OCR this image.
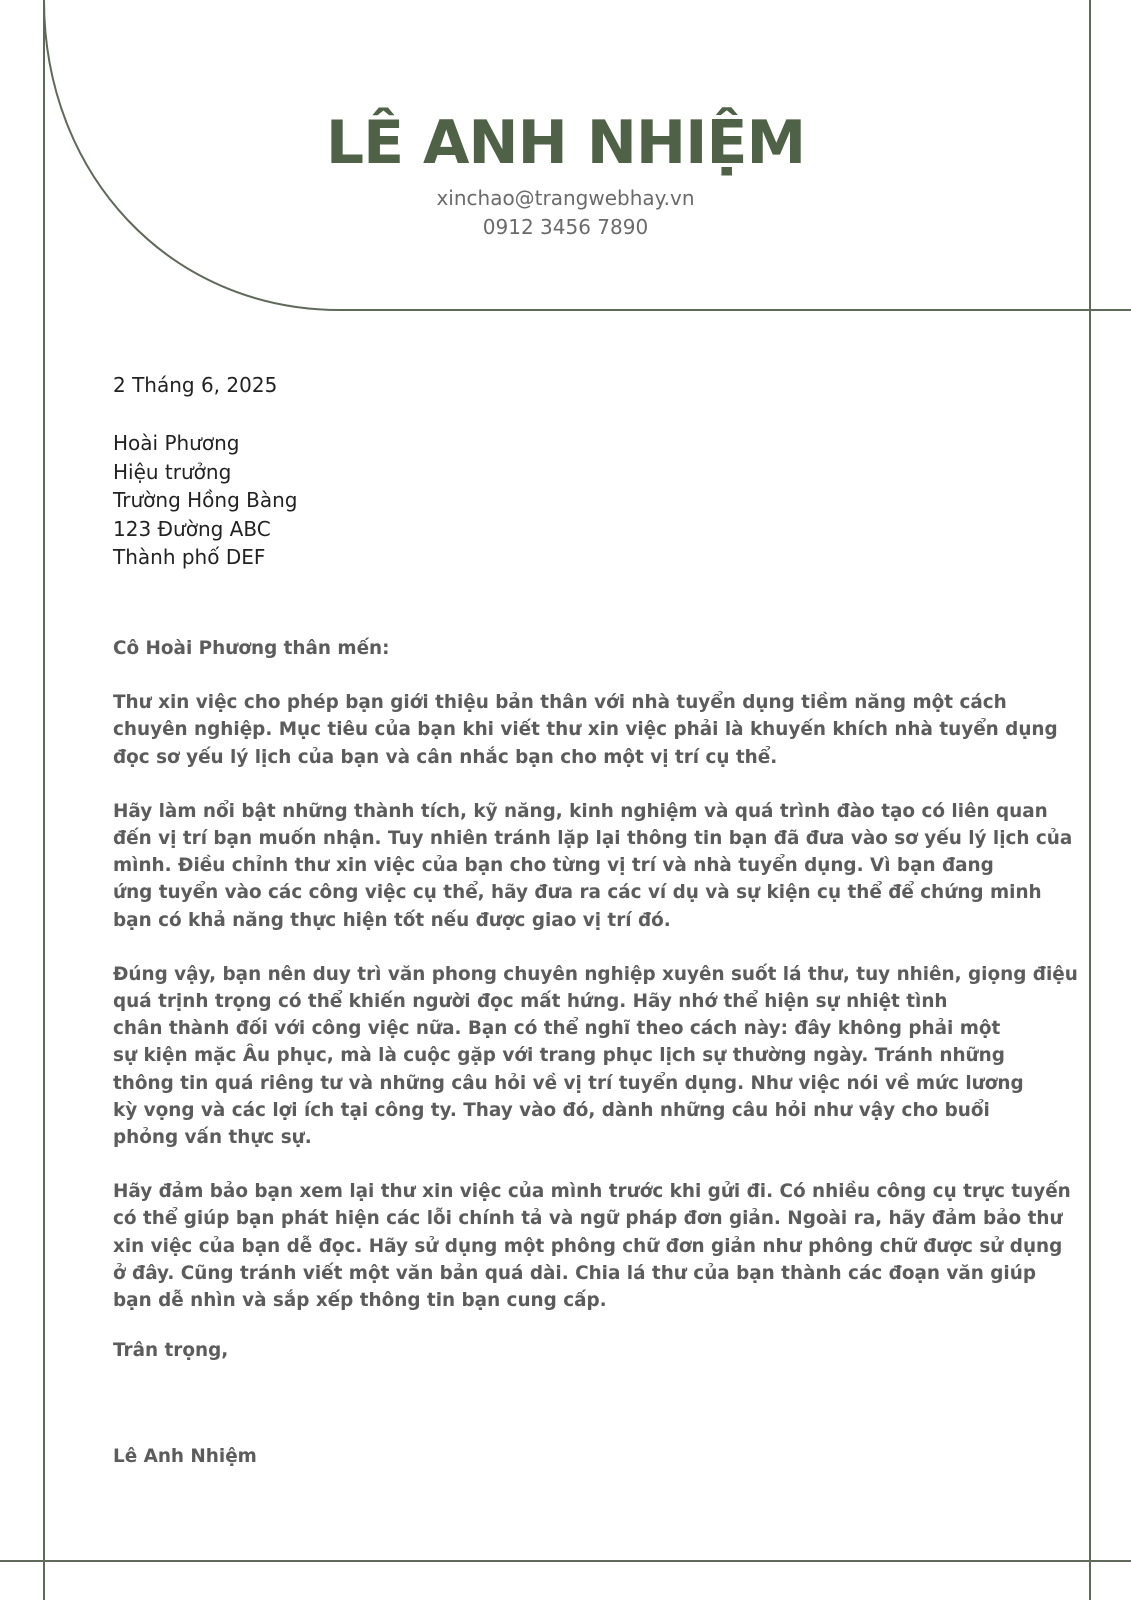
LÊ ANH NHIỆM
xinchao@trangwebhay.vn
0912 3456 7890
2 Tháng 6, 2025
Hoài Phương
Hiệu trưởng
Trường Hồng Bàng
123 Đường ABC
Thành phố DEF

Cô Hoài Phương thân mến:

Thư xin việc cho phép bạn giới thiệu bản thân với nhà tuyển dụng tiềm năng một cách
chuyên nghiệp. Mục tiêu của bạn khi viết thư xin việc phải là khuyến khích nhà tuyển dụng
đọc sơ yếu lý lịch của bạn và cân nhắc bạn cho một vị trí cụ thể.

Hãy làm nổi bật những thành tích, kỹ năng, kinh nghiệm và quá trình đào tạo có liên quan
đến vị trí bạn muốn nhận. Tuy nhiên tránh lặp lại thông tin bạn đã đưa vào sơ yếu lý lịch của
mình. Điều chỉnh thư xin việc của bạn cho từng vị trí và nhà tuyển dụng. Vì bạn đang
ứng tuyển vào các công việc cụ thể, hãy đưa ra các ví dụ và sự kiện cụ thể để chứng minh
bạn có khả năng thực hiện tốt nếu được giao vị trí đó.

Đúng vậy, bạn nên duy trì văn phong chuyên nghiệp xuyên suốt lá thư, tuy nhiên, giọng điệu
quá trịnh trọng có thể khiến người đọc mất hứng. Hãy nhớ thể hiện sự nhiệt tình
chân thành đối với công việc nữa. Bạn có thể nghĩ theo cách này: đây không phải một
sự kiện mặc Âu phục, mà là cuộc gặp với trang phục lịch sự thường ngày. Tránh những
thông tin quá riêng tư và những câu hỏi về vị trí tuyển dụng. Như việc nói về mức lương
kỳ vọng và các lợi ích tại công ty. Thay vào đó, dành những câu hỏi như vậy cho buổi
phỏng vấn thực sự.

Hãy đảm bảo bạn xem lại thư xin việc của mình trước khi gửi đi. Có nhiều công cụ trực tuyến
có thể giúp bạn phát hiện các lỗi chính tả và ngữ pháp đơn giản. Ngoài ra, hãy đảm bảo thư
xin việc của bạn dễ đọc. Hãy sử dụng một phông chữ đơn giản như phông chữ được sử dụng
ở đây. Cũng tránh viết một văn bản quá dài. Chia lá thư của bạn thành các đoạn văn giúp
bạn dễ nhìn và sắp xếp thông tin bạn cung cấp.

Trân trọng,
Lê Anh Nhiệm
